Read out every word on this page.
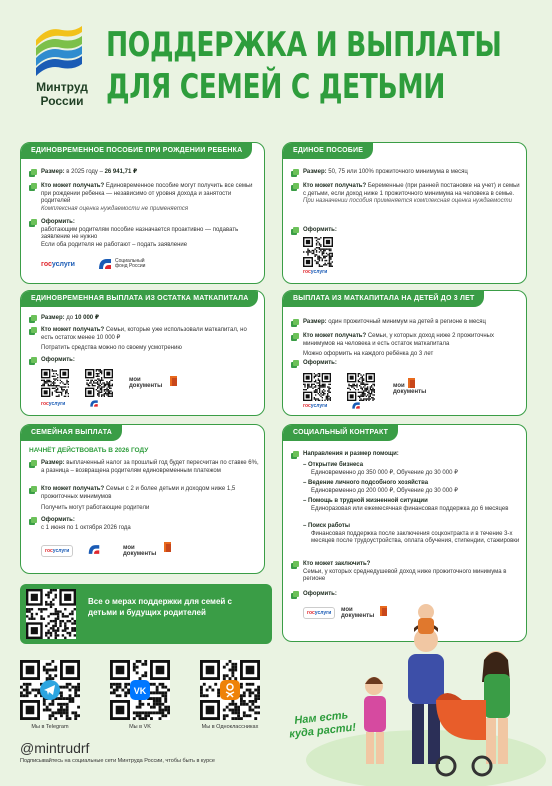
Минтруд
России
ПОДДЕРЖКА И ВЫПЛАТЫ
ДЛЯ СЕМЕЙ С ДЕТЬМИ
ЕДИНОВРЕМЕННОЕ ПОСОБИЕ ПРИ РОЖДЕНИИ РЕБЕНКА
Размер: в 2025 году – 26 941,71 ₽
Кто может получать? Единовременное пособие могут получить все семьи при рождении ребенка — независимо от уровня дохода и занятости родителей
Комплексная оценка нуждаемости не применяется
Оформить:
работающим родителям пособие назначается проактивно — подавать заявление не нужно
Если оба родителя не работают – подать заявление
госуслуги	Социальный фонд России
ЕДИНОЕ ПОСОБИЕ
Размер: 50, 75 или 100% прожиточного минимума в месяц
Кто может получать? Беременные (при ранней постановке на учет) и семьи с детьми, если доход ниже 1 прожиточного минимума на человека в семье.
При назначении пособия применяется комплексная оценка нуждаемости
Оформить:
госуслуги
ЕДИНОВРЕМЕННАЯ ВЫПЛАТА ИЗ ОСТАТКА МАТКАПИТАЛА
Размер: до 10 000 ₽
Кто может получать? Семьи, которые уже использовали маткапитал, но есть остаток менее 10 000 ₽
Потратить средства можно по своему усмотрению
Оформить:
мои
документы
госуслуги
ВЫПЛАТА ИЗ МАТКАПИТАЛА НА ДЕТЕЙ ДО 3 ЛЕТ
Размер: один прожиточный минимум на детей в регионе в месяц
Кто может получать? Семьи, у которых доход ниже 2 прожиточных минимумов на человека и есть остаток маткапитала
Можно оформить на каждого ребёнка до 3 лет
Оформить:
мои
документы
госуслуги
СЕМЕЙНАЯ ВЫПЛАТА
НАЧНЁТ ДЕЙСТВОВАТЬ В 2026 ГОДУ
Размер: выплаченный налог за прошлый год будет пересчитан по ставке 6%, а разница – возвращена родителям единовременным платежом
Кто может получать? Семьи с 2 и более детьми и доходом ниже 1,5 прожиточных минимумов
Получить могут работающие родители
Оформить:
с 1 июня по 1 октября 2026 года
госуслуги	мои
документы
СОЦИАЛЬНЫЙ КОНТРАКТ
Направления и размер помощи:
– Открытие бизнеса
Единовременно до 350 000 ₽, Обучение до 30 000 ₽
– Ведение личного подсобного хозяйства
Единовременно до 200 000 ₽, Обучение до 30 000 ₽
– Помощь в трудной жизненной ситуации
Единоразовая или ежемесячная финансовая поддержка до 6 месяцев
– Поиск работы
Финансовая поддержка после заключения соцконтракта и в течение 3-х месяцев после трудоустройства, оплата обучения, стипендии, стажировки
Кто может заключить?
Семьи, у которых среднедушевой доход ниже прожиточного минимума в регионе
Оформить:
госуслуги	мои
документы
Все о мерах поддержки для семей с детьми и будущих родителей
Мы в Telegram
VK
Мы в VK	Мы в Одноклассниках
@mintrudrf
Подписывайтесь на социальные сети Минтруда России, чтобы быть в курсе
Нам есть куда расти!
